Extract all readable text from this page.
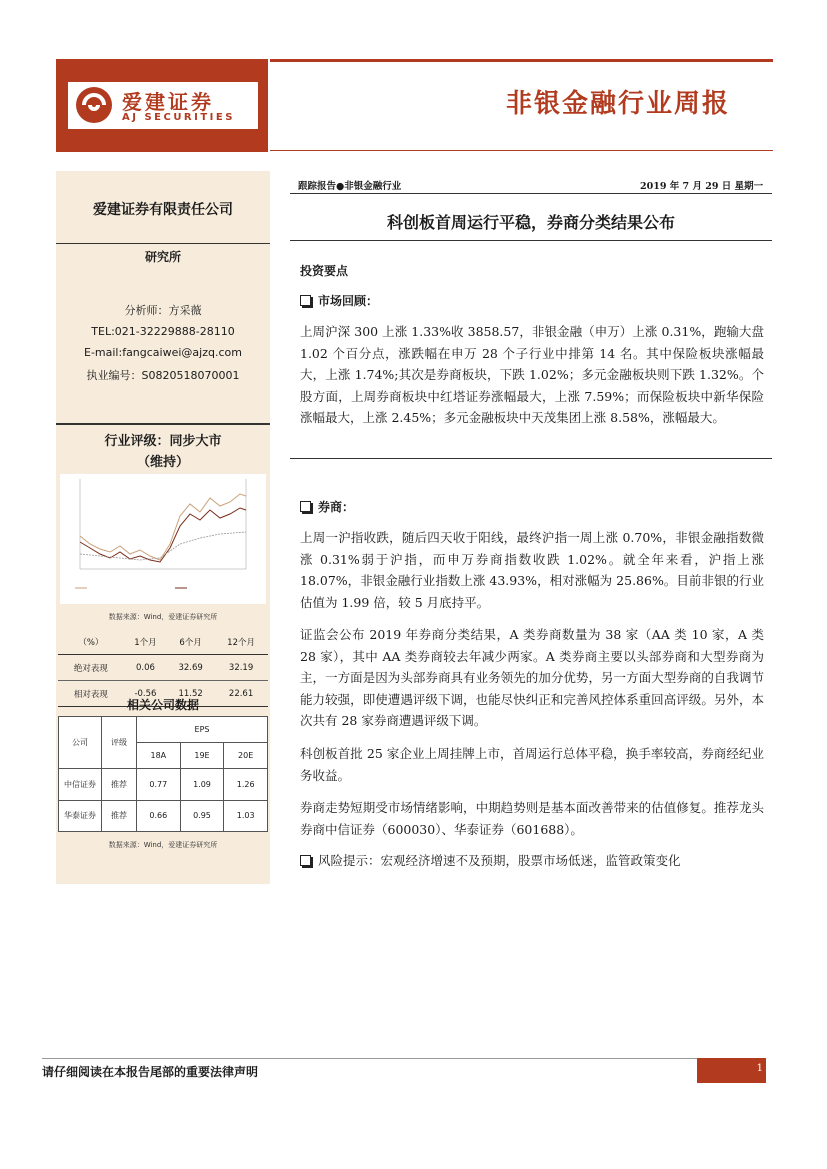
爱建证券
AJ SECURITIES	非银金融行业周报
爱建证券有限责任公司
研究所
分析师：方采薇
TEL:021-32229888-28110
E-mail:fangcaiwei@ajzq.com
执业编号：S0820518070001
行业评级：同步大市
（维持）
数据来源：Wind，爱建证券研究所
（%）	1个月	6个月	12个月
绝对表现	0.06	32.69	32.19
相对表现	-0.56	11.52	22.61
相关公司数据
公司	评级	EPS		
		18A	19E	20E
中信证券	推荐	0.77	1.09	1.26
华泰证券	推荐	0.66	0.95	1.03
数据来源：Wind，爱建证券研究所
跟踪报告●非银金融行业	2019 年 7 月 29 日 星期一
科创板首周运行平稳，券商分类结果公布
投资要点
市场回顾：
上周沪深 300 上涨 1.33%收 3858.57，非银金融（申万）上涨 0.31%，跑输大盘 1.02 个百分点，涨跌幅在申万 28 个子行业中排第 14 名。其中保险板块涨幅最大，上涨 1.74%;其次是券商板块，下跌 1.02%；多元金融板块则下跌 1.32%。个股方面，上周券商板块中红塔证券涨幅最大，上涨 7.59%；而保险板块中新华保险涨幅最大，上涨 2.45%；多元金融板块中天茂集团上涨 8.58%，涨幅最大。
券商：
上周一沪指收跌，随后四天收于阳线，最终沪指一周上涨 0.70%，非银金融指数微涨 0.31%弱于沪指，而申万券商指数收跌 1.02%。就全年来看，沪指上涨 18.07%，非银金融行业指数上涨 43.93%，相对涨幅为 25.86%。目前非银的行业估值为 1.99 倍，较 5 月底持平。
证监会公布 2019 年券商分类结果，A 类券商数量为 38 家（AA 类 10 家，A 类 28 家），其中 AA 类券商较去年减少两家。A 类券商主要以头部券商和大型券商为主，一方面是因为头部券商具有业务领先的加分优势，另一方面大型券商的自我调节能力较强，即使遭遇评级下调，也能尽快纠正和完善风控体系重回高评级。另外，本次共有 28 家券商遭遇评级下调。
科创板首批 25 家企业上周挂牌上市，首周运行总体平稳，换手率较高，券商经纪业务收益。
券商走势短期受市场情绪影响，中期趋势则是基本面改善带来的估值修复。推荐龙头券商中信证券（600030）、华泰证券（601688）。
风险提示：宏观经济增速不及预期，股票市场低迷，监管政策变化
请仔细阅读在本报告尾部的重要法律声明	1
